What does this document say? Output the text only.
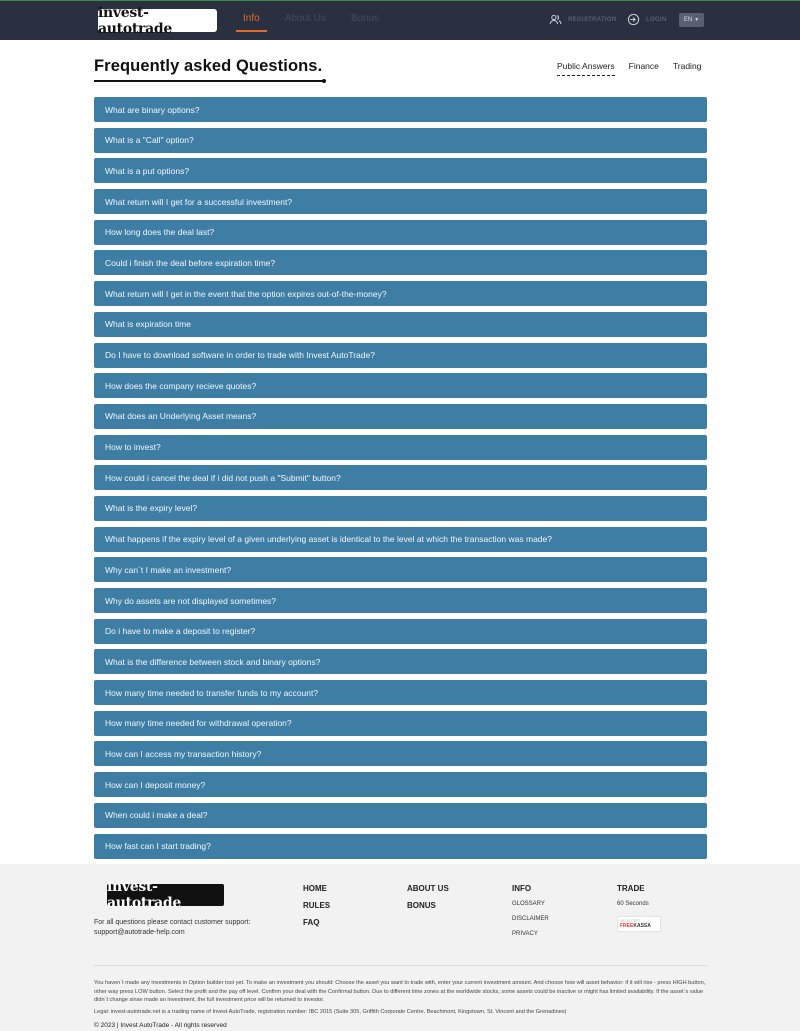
invest-autotrade
Info	About Us	Bonus	REGISTRATION	LOGIN	EN ▼
Frequently asked Questions.	Public Answers Finance Trading
What are binary options?
What is a "Call" option?
What is a put options?
What return will I get for a successful investment?
How long does the deal last?
Could i finish the deal before expiration time?
What return will I get in the event that the option expires out-of-the-money?
What is expiration time
Do I have to download software in order to trade with Invest AutoTrade?
How does the company recieve quotes?
What does an Underlying Asset means?
How to invest?
How could i cancel the deal if i did not push a "Submit" button?
What is the expiry level?
What happens if the expiry level of a given underlying asset is identical to the level at which the transaction was made?
Why can`t I make an investment?
Why do assets are not displayed sometimes?
Do i have to make a deposit to register?
What is the difference between stock and binary options?
How many time needed to transfer funds to my account?
How many time needed for withdrawal operation?
How can I access my transaction history?
How can I deposit money?
When could i make a deal?
How fast can I start trading?
invest-autotrade
For all questions please contact customer support:
support@autotrade-help.com
HOME
RULES
FAQ
ABOUT US
BONUS
INFO
GLOSSARY
DISCLAIMER
PRIVACY
TRADE
60 Seconds
WE ACCEPT
FREE KASSA
You haven`t made any investments in Option builder tool yet. To make an investment you should: Choose the asset you want to trade with, enter your current investment amount. And choose how will asset behavior: if it will rise - press HIGH button, other way press LOW button. Select the profit and the pay off level. Confirm your deal with the Confirmal button. Due to different time zones at the worldwide stocks, some assets could be inactive or might has limited availability. If the asset`s value didn`t change sinse made an investment, the full investment price will be returned to investor.
Legal: invest-autotrade.net is a trading name of Invest AutoTrade, registration number: IBC 2015 (Suite 305, Griffith Corporate Centre, Beachmont, Kingstown, St. Vincent and the Grenadines)
© 2023 | Invest AutoTrade - All rights reserved
